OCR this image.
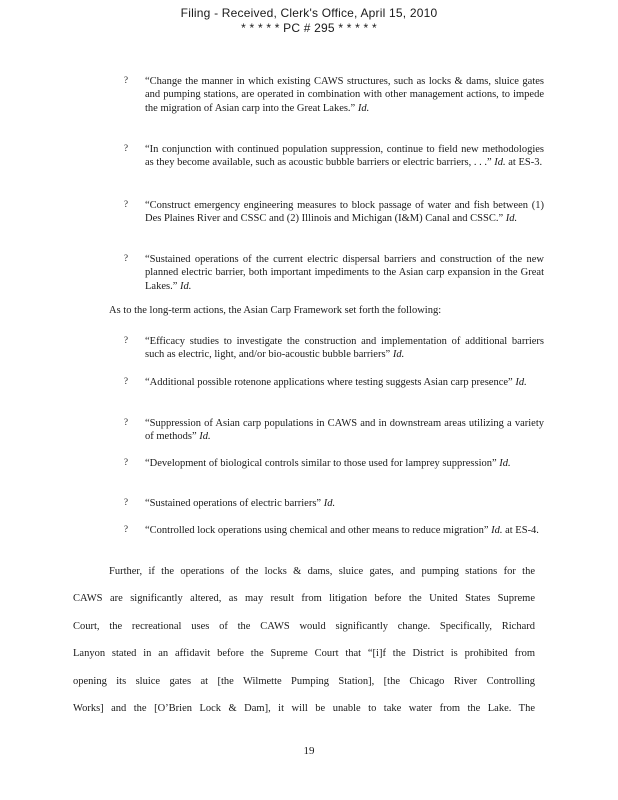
Filing - Received, Clerk's Office, April 15, 2010
* * * * * PC # 295 * * * * *
?	“Change the manner in which existing CAWS structures, such as locks & dams, sluice gates and pumping stations, are operated in combination with other management actions, to impede the migration of Asian carp into the Great Lakes.” Id.
?	“In conjunction with continued population suppression, continue to field new methodologies as they become available, such as acoustic bubble barriers or electric barriers, . . .” Id. at ES-3.
?	“Construct emergency engineering measures to block passage of water and fish between (1) Des Plaines River and CSSC and (2) Illinois and Michigan (I&M) Canal and CSSC.” Id.
?	“Sustained operations of the current electric dispersal barriers and construction of the new planned electric barrier, both important impediments to the Asian carp expansion in the Great Lakes.” Id.
As to the long-term actions, the Asian Carp Framework set forth the following:
?	“Efficacy studies to investigate the construction and implementation of additional barriers such as electric, light, and/or bio-acoustic bubble barriers” Id.
?	“Additional possible rotenone applications where testing suggests Asian carp presence” Id.
?	“Suppression of Asian carp populations in CAWS and in downstream areas utilizing a variety of methods” Id.
?	“Development of biological controls similar to those used for lamprey suppression” Id.
?	“Sustained operations of electric barriers” Id.
?	“Controlled lock operations using chemical and other means to reduce migration” Id. at ES-4.
Further, if the operations of the locks & dams, sluice gates, and pumping stations for the
CAWS are significantly altered, as may result from litigation before the United States Supreme
Court, the recreational uses of the CAWS would significantly change. Specifically, Richard
Lanyon stated in an affidavit before the Supreme Court that “[i]f the District is prohibited from
opening its sluice gates at [the Wilmette Pumping Station], [the Chicago River Controlling
Works] and the [O’Brien Lock & Dam], it will be unable to take water from the Lake. The
19
